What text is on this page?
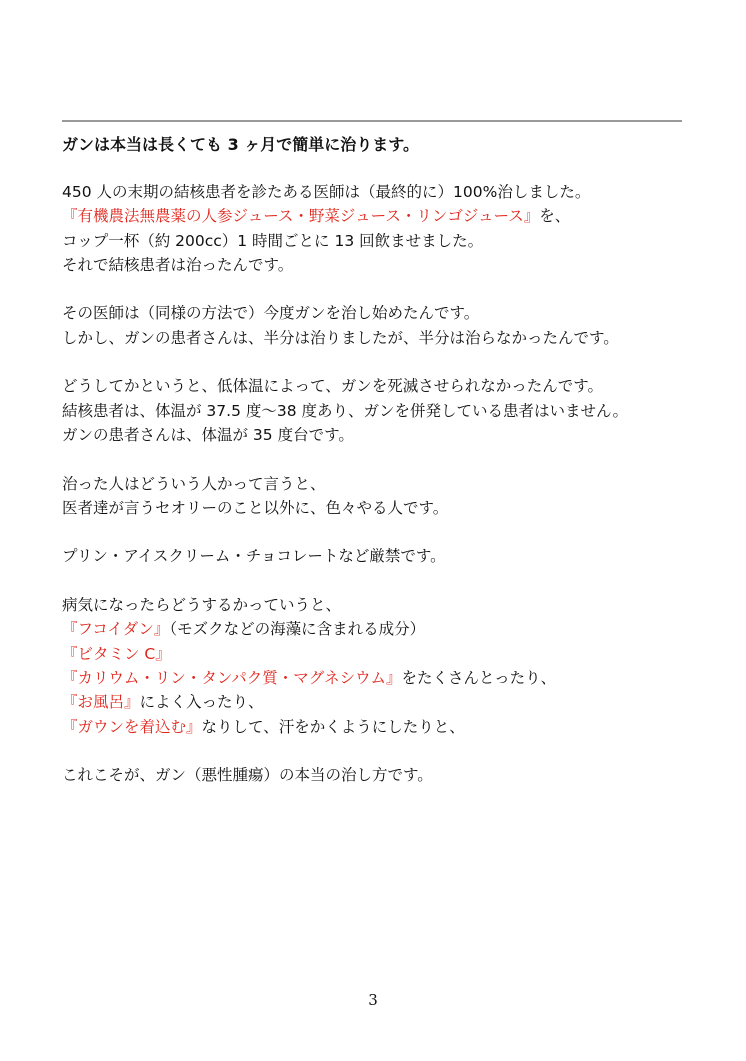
ガンは本当は長くても 3 ヶ月で簡単に治ります。
450 人の末期の結核患者を診たある医師は（最終的に）100%治しました。
『有機農法無農薬の人参ジュース・野菜ジュース・リンゴジュース』を、
コップ一杯（約 200cc）1 時間ごとに 13 回飲ませました。
それで結核患者は治ったんです。
その医師は（同様の方法で）今度ガンを治し始めたんです。
しかし、ガンの患者さんは、半分は治りましたが、半分は治らなかったんです。
どうしてかというと、低体温によって、ガンを死滅させられなかったんです。
結核患者は、体温が 37.5 度～38 度あり、ガンを併発している患者はいません。
ガンの患者さんは、体温が 35 度台です。
治った人はどういう人かって言うと、
医者達が言うセオリーのこと以外に、色々やる人です。
プリン・アイスクリーム・チョコレートなど厳禁です。
病気になったらどうするかっていうと、
『フコイダン』（モズクなどの海藻に含まれる成分）
『ビタミン C』
『カリウム・リン・タンパク質・マグネシウム』をたくさんとったり、
『お風呂』によく入ったり、
『ガウンを着込む』なりして、汗をかくようにしたりと、
これこそが、ガン（悪性腫瘍）の本当の治し方です。
3
